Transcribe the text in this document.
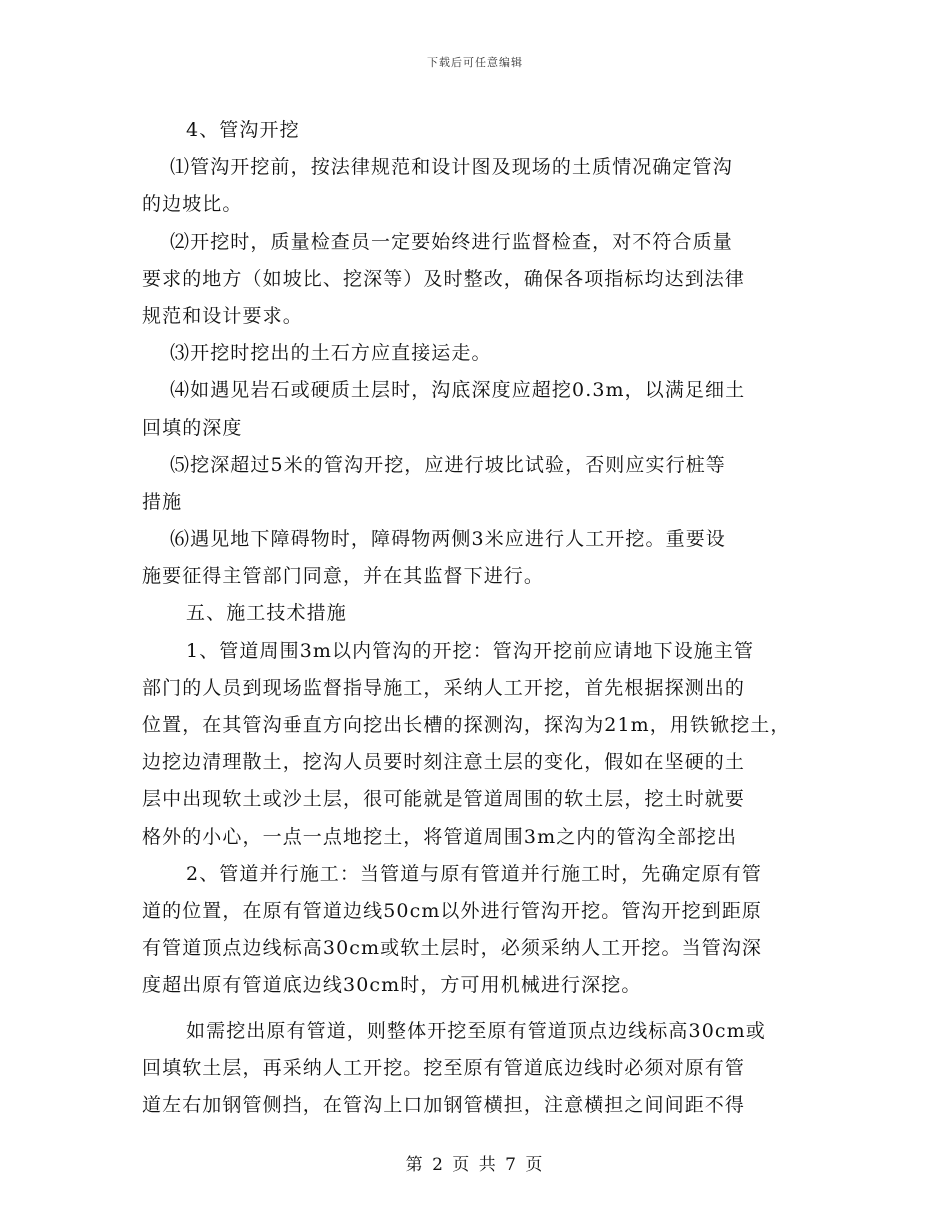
下载后可任意编辑
4、管沟开挖
⑴管沟开挖前，按法律规范和设计图及现场的土质情况确定管沟
的边坡比。
⑵开挖时，质量检查员一定要始终进行监督检查，对不符合质量
要求的地方（如坡比、挖深等）及时整改，确保各项指标均达到法律
规范和设计要求。
⑶开挖时挖出的土石方应直接运走。
⑷如遇见岩石或硬质土层时，沟底深度应超挖0.3m，以满足细土
回填的深度
⑸挖深超过5米的管沟开挖，应进行坡比试验，否则应实行桩等
措施
⑹遇见地下障碍物时，障碍物两侧3米应进行人工开挖。重要设
施要征得主管部门同意，并在其监督下进行。
五、施工技术措施
1、管道周围3m以内管沟的开挖：管沟开挖前应请地下设施主管
部门的人员到现场监督指导施工，采纳人工开挖，首先根据探测出的
位置，在其管沟垂直方向挖出长槽的探测沟，探沟为21m，用铁锨挖土，
边挖边清理散土，挖沟人员要时刻注意土层的变化，假如在坚硬的土
层中出现软土或沙土层，很可能就是管道周围的软土层，挖土时就要
格外的小心，一点一点地挖土，将管道周围3m之内的管沟全部挖出
2、管道并行施工：当管道与原有管道并行施工时，先确定原有管
道的位置，在原有管道边线50cm以外进行管沟开挖。管沟开挖到距原
有管道顶点边线标高30cm或软土层时，必须采纳人工开挖。当管沟深
度超出原有管道底边线30cm时，方可用机械进行深挖。
如需挖出原有管道，则整体开挖至原有管道顶点边线标高30cm或
回填软土层，再采纳人工开挖。挖至原有管道底边线时必须对原有管
道左右加钢管侧挡，在管沟上口加钢管横担，注意横担之间间距不得
第 2 页 共 7 页
